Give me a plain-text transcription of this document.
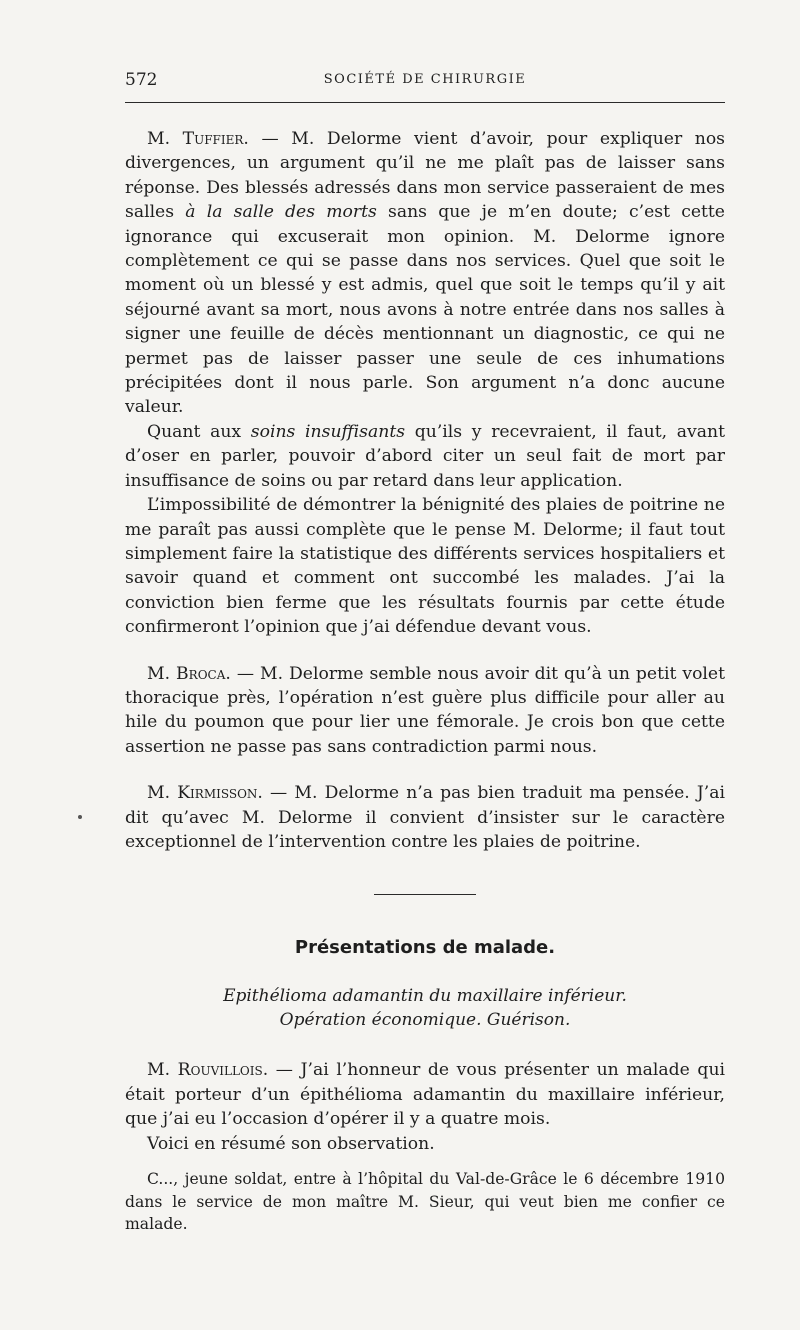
572	SOCIÉTÉ DE CHIRURGIE

M. Tuffier. — M. Delorme vient d’avoir, pour expliquer nos divergences, un argument qu’il ne me plaît pas de laisser sans réponse. Des blessés adressés dans mon service passeraient de mes salles à la salle des morts sans que je m’en doute; c’est cette ignorance qui excuserait mon opinion. M. Delorme ignore complètement ce qui se passe dans nos services. Quel que soit le moment où un blessé y est admis, quel que soit le temps qu’il y ait séjourné avant sa mort, nous avons à notre entrée dans nos salles à signer une feuille de décès mentionnant un diagnostic, ce qui ne permet pas de laisser passer une seule de ces inhumations précipitées dont il nous parle. Son argument n’a donc aucune valeur.

Quant aux soins insuffisants qu’ils y recevraient, il faut, avant d’oser en parler, pouvoir d’abord citer un seul fait de mort par insuffisance de soins ou par retard dans leur application.

L’impossibilité de démontrer la bénignité des plaies de poitrine ne me paraît pas aussi complète que le pense M. Delorme; il faut tout simplement faire la statistique des différents services hospitaliers et savoir quand et comment ont succombé les malades. J’ai la conviction bien ferme que les résultats fournis par cette étude confirmeront l’opinion que j’ai défendue devant vous.

M. Broca. — M. Delorme semble nous avoir dit qu’à un petit volet thoracique près, l’opération n’est guère plus difficile pour aller au hile du poumon que pour lier une fémorale. Je crois bon que cette assertion ne passe pas sans contradiction parmi nous.

M. Kirmisson. — M. Delorme n’a pas bien traduit ma pensée. J’ai dit qu’avec M. Delorme il convient d’insister sur le caractère exceptionnel de l’intervention contre les plaies de poitrine.

Présentations de malade.
Epithélioma adamantin du maxillaire inférieur.
Opération économique. Guérison.

M. Rouvillois. — J’ai l’honneur de vous présenter un malade qui était porteur d’un épithélioma adamantin du maxillaire inférieur, que j’ai eu l’occasion d’opérer il y a quatre mois.

Voici en résumé son observation.

C..., jeune soldat, entre à l’hôpital du Val-de-Grâce le 6 décembre 1910 dans le service de mon maître M. Sieur, qui veut bien me confier ce malade.
